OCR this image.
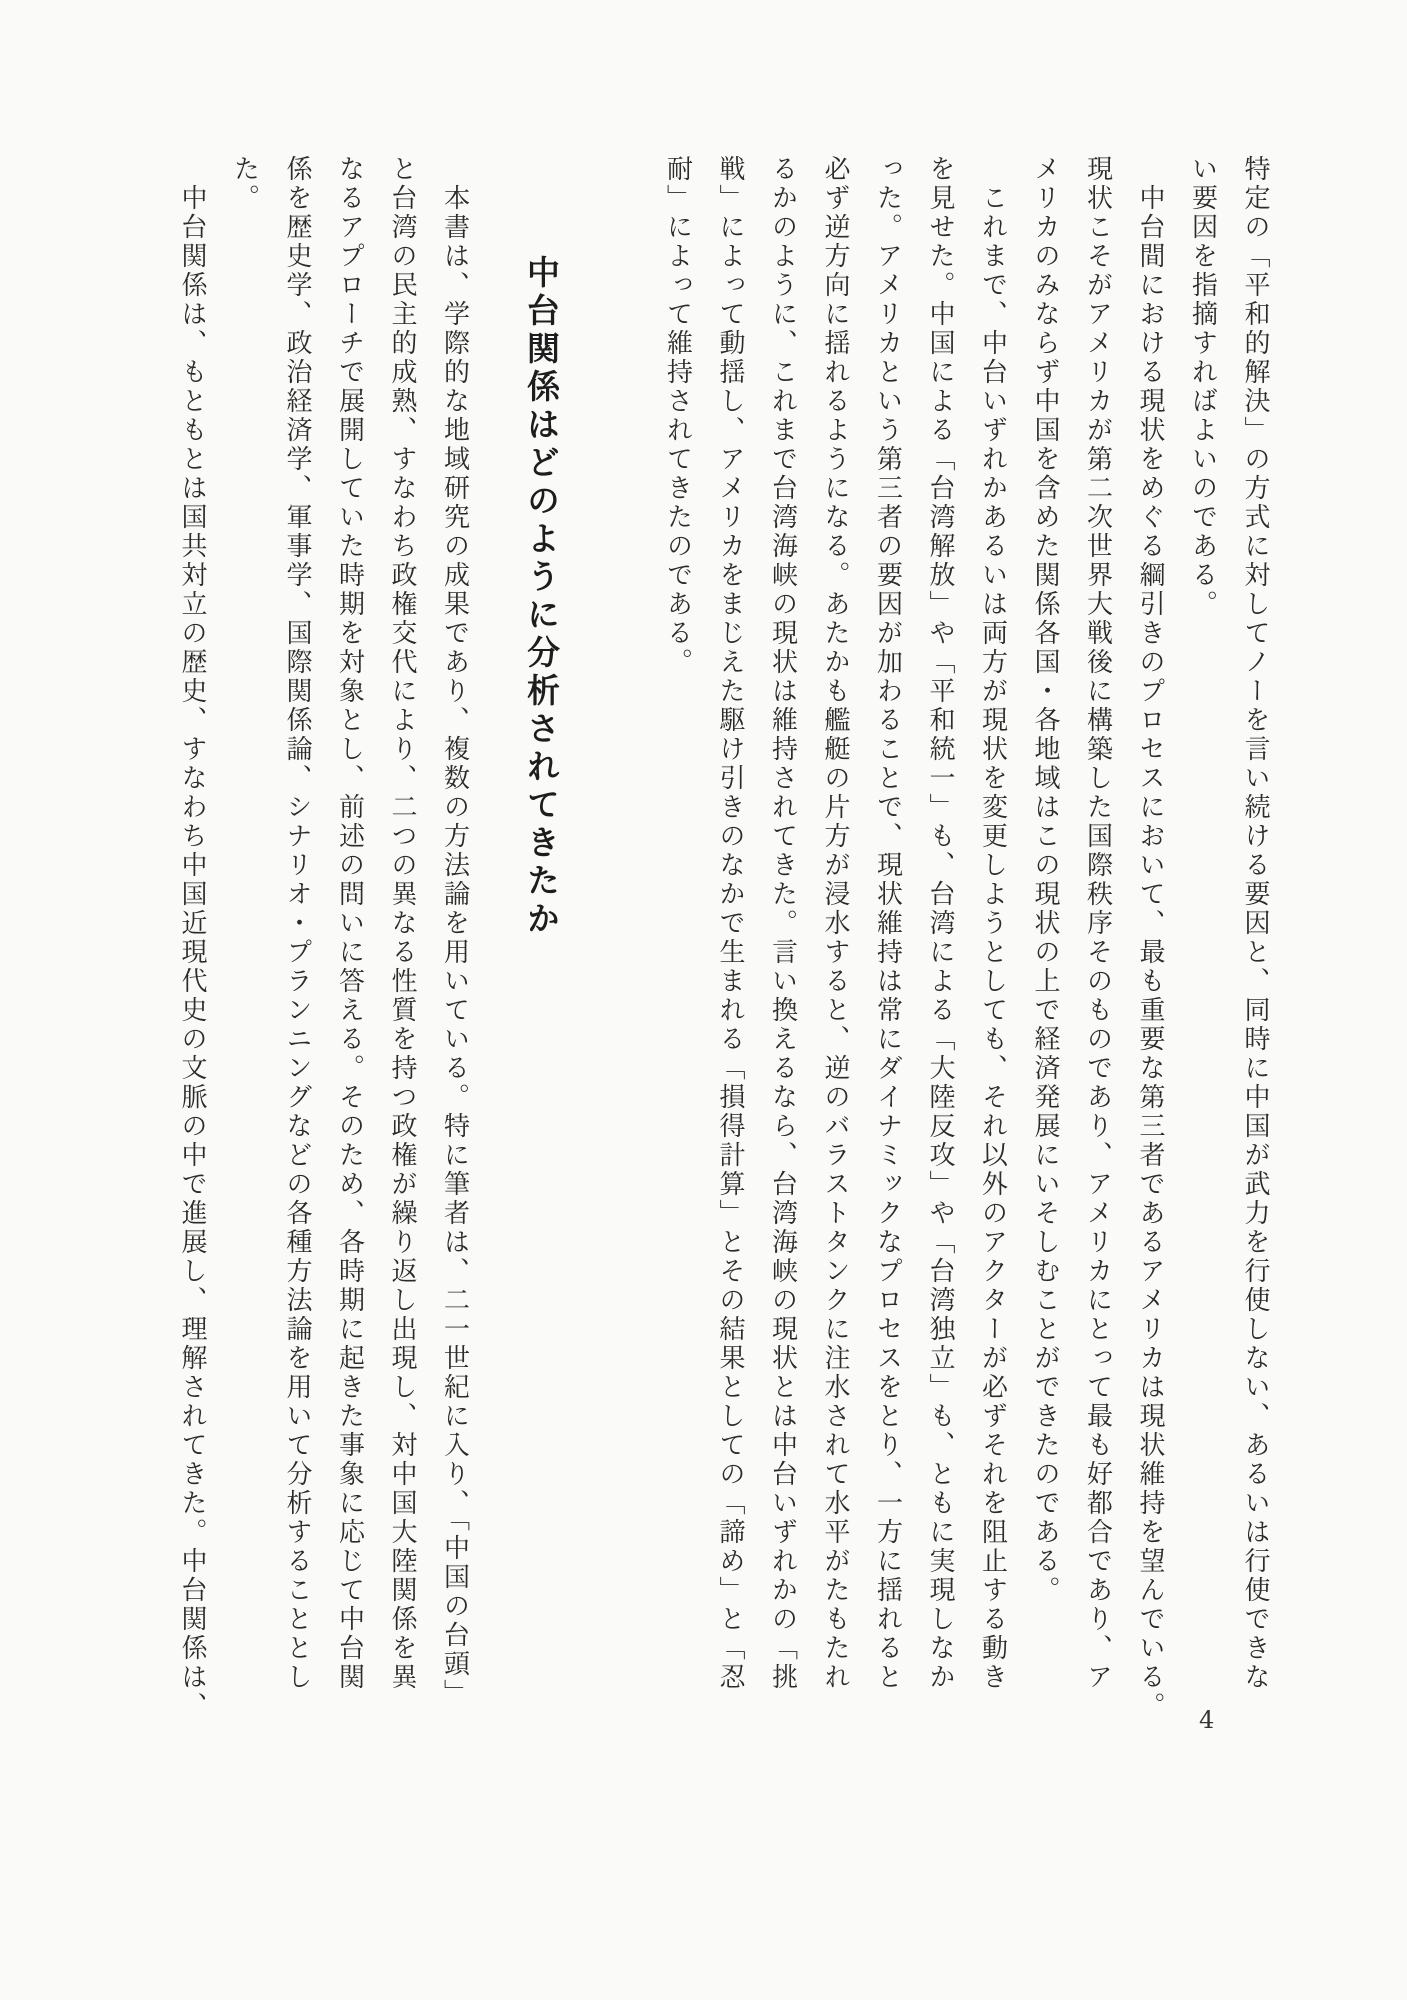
特定の「平和的解決」の方式に対してノーを言い続ける要因と、同時に中国が武力を行使しない、あるいは行使できな

い要因を指摘すればよいのである。

　中台間における現状をめぐる綱引きのプロセスにおいて、最も重要な第三者であるアメリカは現状維持を望んでいる。

現状こそがアメリカが第二次世界大戦後に構築した国際秩序そのものであり、アメリカにとって最も好都合であり、ア

メリカのみならず中国を含めた関係各国・各地域はこの現状の上で経済発展にいそしむことができたのである。

　これまで、中台いずれかあるいは両方が現状を変更しようとしても、それ以外のアクターが必ずそれを阻止する動き

を見せた。中国による「台湾解放」や「平和統一」も、台湾による「大陸反攻」や「台湾独立」も、ともに実現しなか

った。アメリカという第三者の要因が加わることで、現状維持は常にダイナミックなプロセスをとり、一方に揺れると

必ず逆方向に揺れるようになる。あたかも艦艇の片方が浸水すると、逆のバラストタンクに注水されて水平がたもたれ

るかのように、これまで台湾海峡の現状は維持されてきた。言い換えるなら、台湾海峡の現状とは中台いずれかの「挑

戦」によって動揺し、アメリカをまじえた駆け引きのなかで生まれる「損得計算」とその結果としての「諦め」と「忍

耐」によって維持されてきたのである。

中台関係はどのように分析されてきたか

　本書は、学際的な地域研究の成果であり、複数の方法論を用いている。特に筆者は、二一世紀に入り、「中国の台頭」

と台湾の民主的成熟、すなわち政権交代により、二つの異なる性質を持つ政権が繰り返し出現し、対中国大陸関係を異

なるアプローチで展開していた時期を対象とし、前述の問いに答える。そのため、各時期に起きた事象に応じて中台関

係を歴史学、政治経済学、軍事学、国際関係論、シナリオ・プランニングなどの各種方法論を用いて分析することとし

た。

　中台関係は、もともとは国共対立の歴史、すなわち中国近現代史の文脈の中で進展し、理解されてきた。中台関係は、	4
